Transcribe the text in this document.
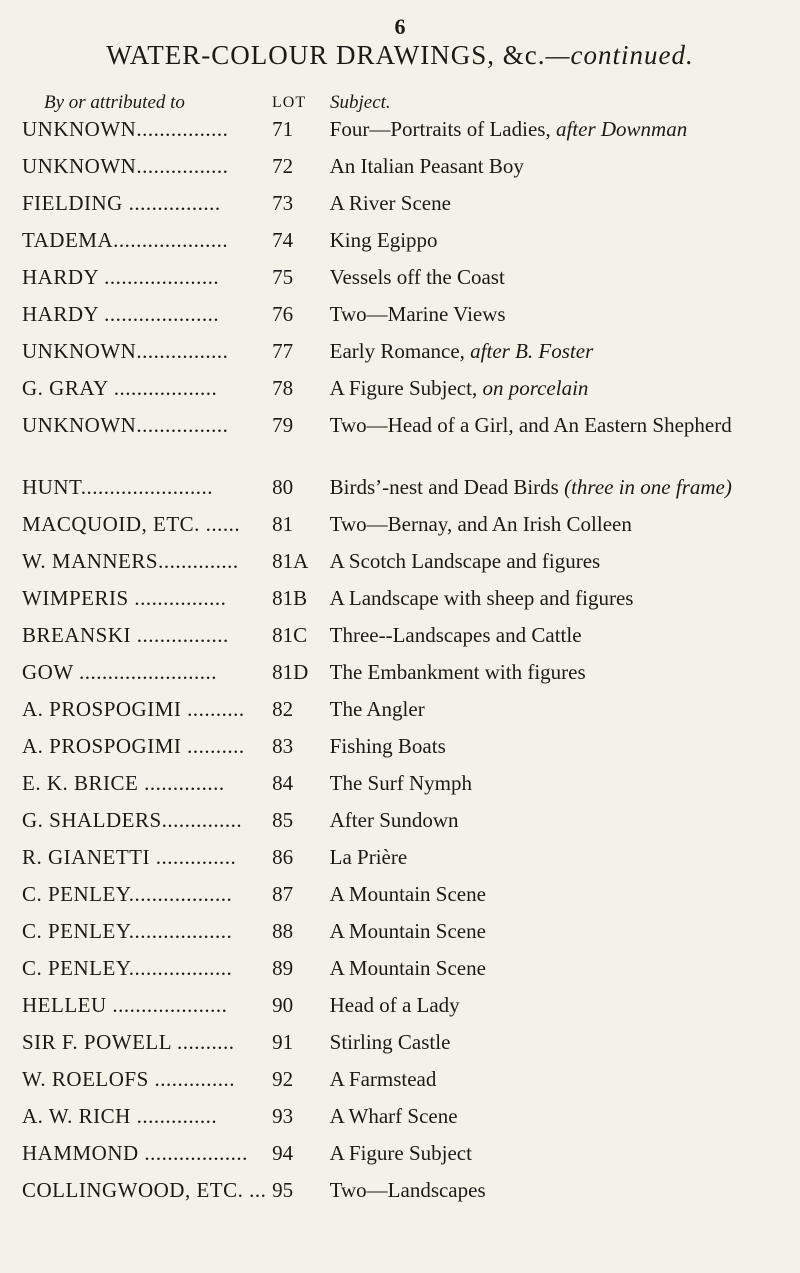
6
WATER-COLOUR DRAWINGS, &c.—continued.
By or attributed to	LOT Subject.
UNKNOWN................	71	Four—Portraits of Ladies, after Downman
UNKNOWN................	72	An Italian Peasant Boy
FIELDING ................	73	A River Scene
TADEMA....................	74	King Egippo
HARDY ....................	75	Vessels off the Coast
HARDY ....................	76	Two—Marine Views
UNKNOWN................	77	Early Romance, after B. Foster
G. GRAY ..................	78	A Figure Subject, on porcelain
UNKNOWN................	79	Two—Head of a Girl, and An Eastern Shepherd
HUNT.......................	80	Birds’-nest and Dead Birds (three in one frame)
MACQUOID, ETC. ......	81	Two—Bernay, and An Irish Colleen
W. MANNERS..............	81A	A Scotch Landscape and figures
WIMPERIS ................	81B	A Landscape with sheep and figures
BREANSKI ................	81C	Three--Landscapes and Cattle
GOW ........................	81D	The Embankment with figures
A. PROSPOGIMI ..........	82	The Angler
A. PROSPOGIMI ..........	83	Fishing Boats
E. K. BRICE ..............	84	The Surf Nymph
G. SHALDERS..............	85	After Sundown
R. GIANETTI ..............	86	La Prière
C. PENLEY..................	87	A Mountain Scene
C. PENLEY..................	88	A Mountain Scene
C. PENLEY..................	89	A Mountain Scene
HELLEU ....................	90	Head of a Lady
SIR F. POWELL ..........	91	Stirling Castle
W. ROELOFS ..............	92	A Farmstead
A. W. RICH ..............	93	A Wharf Scene
HAMMOND ..................	94	A Figure Subject
COLLINGWOOD, ETC. ... 95	Two—Landscapes
